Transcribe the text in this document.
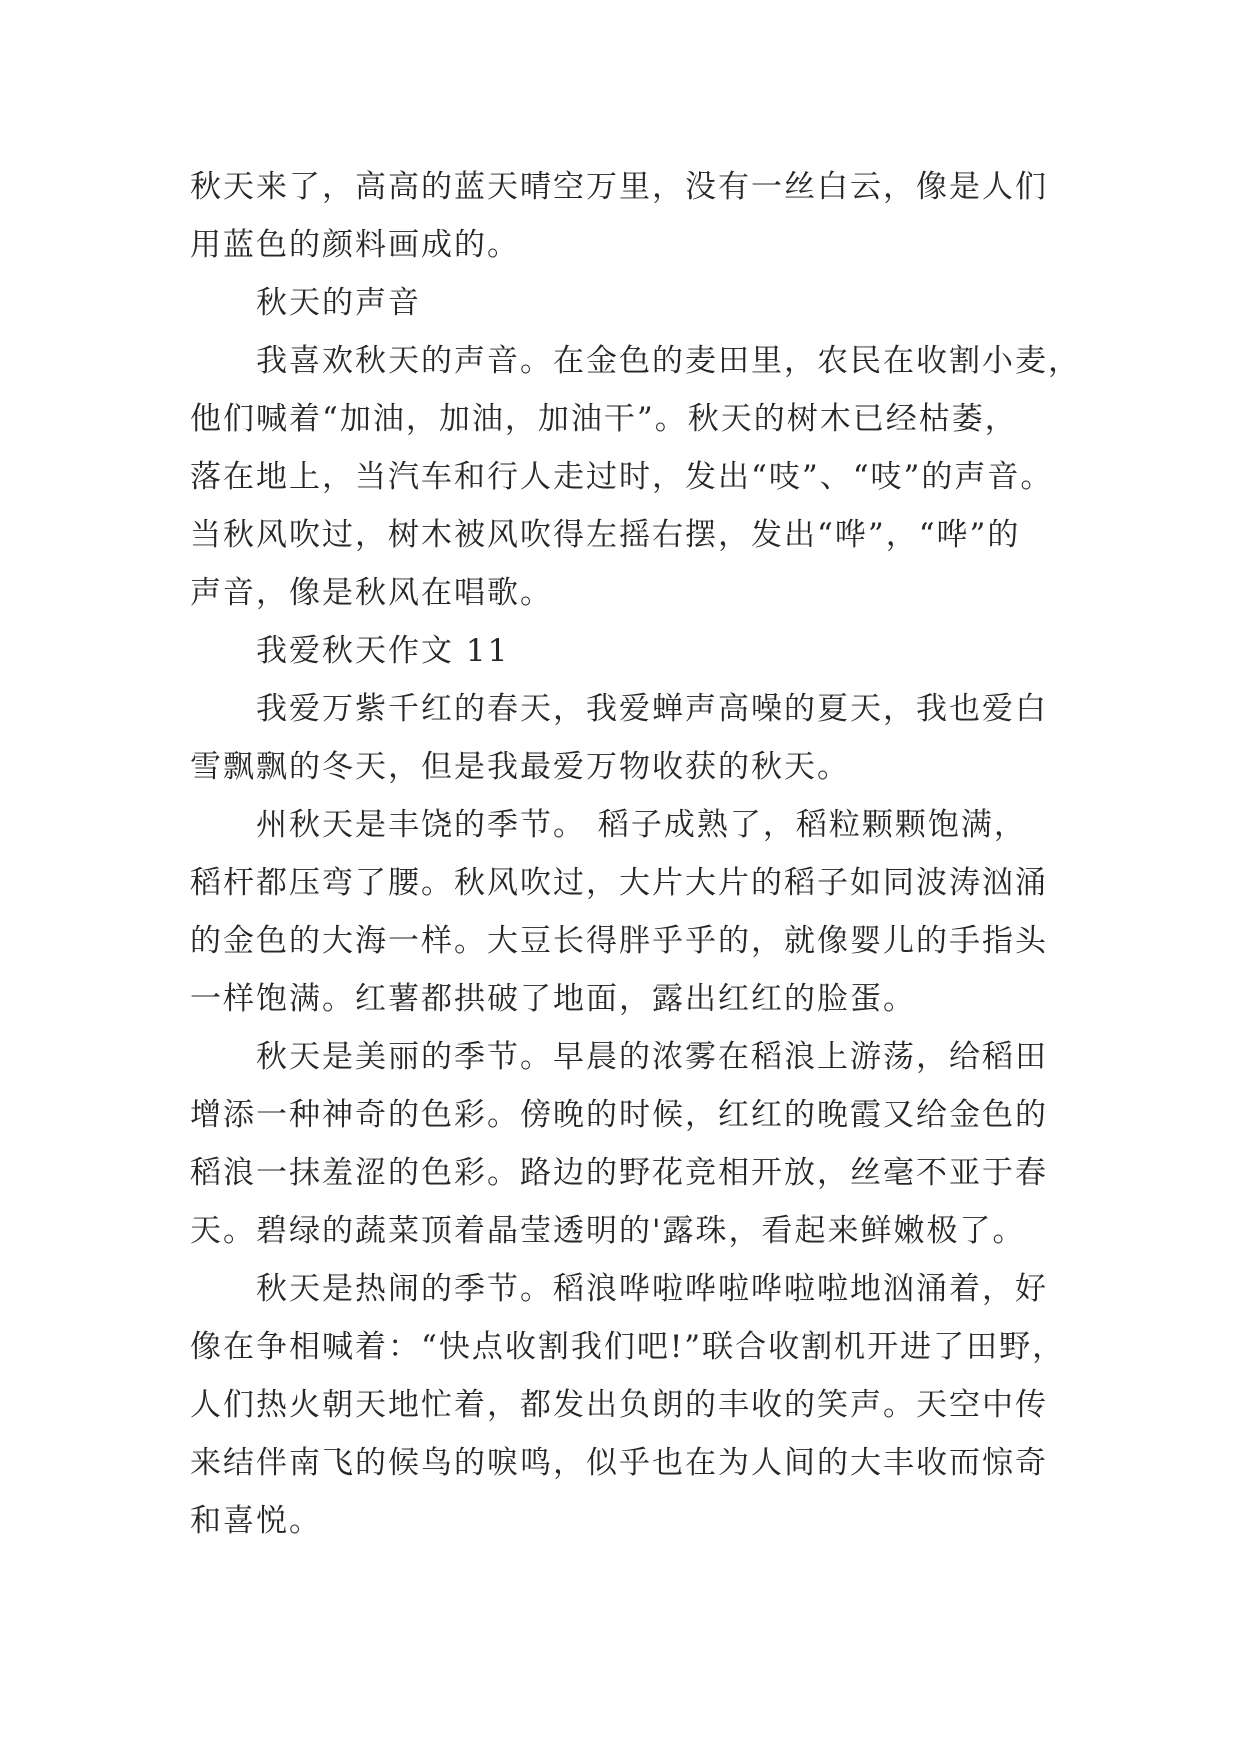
秋天来了，高高的蓝天晴空万里，没有一丝白云，像是人们
用蓝色的颜料画成的。
秋天的声音
我喜欢秋天的声音。在金色的麦田里，农民在收割小麦，
他们喊着“加油，加油，加油干”。秋天的树木已经枯萎，
落在地上，当汽车和行人走过时，发出“吱”、“吱”的声音。
当秋风吹过，树木被风吹得左摇右摆，发出“哗”，“哗”的
声音，像是秋风在唱歌。
我爱秋天作文 11
我爱万紫千红的春天，我爱蝉声高噪的夏天，我也爱白
雪飘飘的冬天，但是我最爱万物收获的秋天。
州秋天是丰饶的季节。 稻子成熟了，稻粒颗颗饱满，
稻杆都压弯了腰。秋风吹过，大片大片的稻子如同波涛汹涌
的金色的大海一样。大豆长得胖乎乎的，就像婴儿的手指头
一样饱满。红薯都拱破了地面，露出红红的脸蛋。
秋天是美丽的季节。早晨的浓雾在稻浪上游荡，给稻田
增添一种神奇的色彩。傍晚的时候，红红的晚霞又给金色的
稻浪一抹羞涩的色彩。路边的野花竞相开放，丝毫不亚于春
天。碧绿的蔬菜顶着晶莹透明的'露珠，看起来鲜嫩极了。
秋天是热闹的季节。稻浪哗啦哗啦哗啦啦地汹涌着，好
像在争相喊着：“快点收割我们吧!”联合收割机开进了田野，
人们热火朝天地忙着，都发出负朗的丰收的笑声。天空中传
来结伴南飞的候鸟的唳鸣，似乎也在为人间的大丰收而惊奇
和喜悦。
